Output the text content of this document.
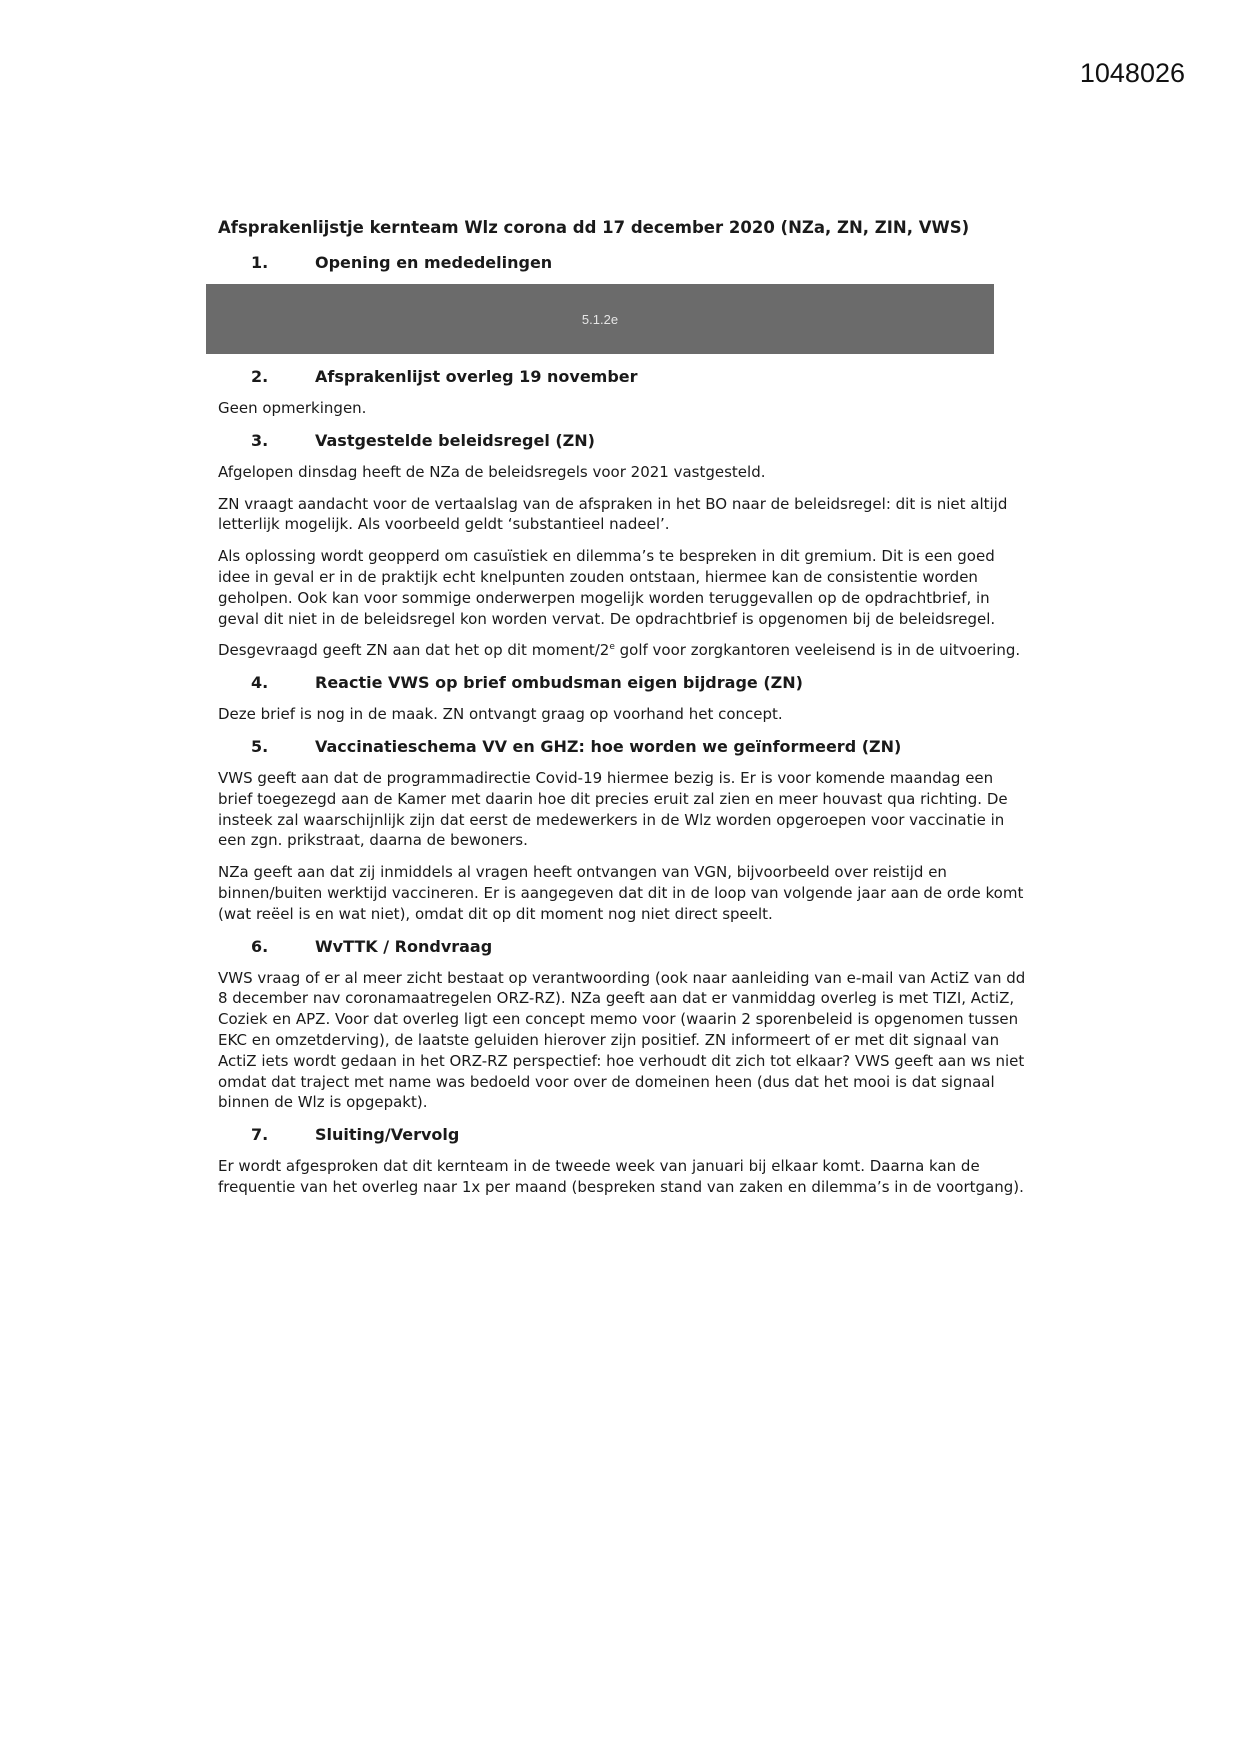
1048026
Afsprakenlijstje kernteam Wlz corona dd 17 december 2020 (NZa, ZN, ZIN, VWS)
1.	Opening en mededelingen
5.1.2e
2.	Afsprakenlijst overleg 19 november

Geen opmerkingen.

3.	Vastgestelde beleidsregel (ZN)

Afgelopen dinsdag heeft de NZa de beleidsregels voor 2021 vastgesteld.

ZN vraagt aandacht voor de vertaalslag van de afspraken in het BO naar de beleidsregel: dit is niet altijd letterlijk mogelijk. Als voorbeeld geldt ‘substantieel nadeel’.

Als oplossing wordt geopperd om casuïstiek en dilemma’s te bespreken in dit gremium. Dit is een goed idee in geval er in de praktijk echt knelpunten zouden ontstaan, hiermee kan de consistentie worden geholpen. Ook kan voor sommige onderwerpen mogelijk worden teruggevallen op de opdrachtbrief, in geval dit niet in de beleidsregel kon worden vervat. De opdrachtbrief is opgenomen bij de beleidsregel.

Desgevraagd geeft ZN aan dat het op dit moment/2e golf voor zorgkantoren veeleisend is in de uitvoering.

4.	Reactie VWS op brief ombudsman eigen bijdrage (ZN)

Deze brief is nog in de maak. ZN ontvangt graag op voorhand het concept.

5.	Vaccinatieschema VV en GHZ: hoe worden we geïnformeerd (ZN)

VWS geeft aan dat de programmadirectie Covid-19 hiermee bezig is. Er is voor komende maandag een brief toegezegd aan de Kamer met daarin hoe dit precies eruit zal zien en meer houvast qua richting. De insteek zal waarschijnlijk zijn dat eerst de medewerkers in de Wlz worden opgeroepen voor vaccinatie in een zgn. prikstraat, daarna de bewoners.

NZa geeft aan dat zij inmiddels al vragen heeft ontvangen van VGN, bijvoorbeeld over reistijd en binnen/buiten werktijd vaccineren. Er is aangegeven dat dit in de loop van volgende jaar aan de orde komt (wat reëel is en wat niet), omdat dit op dit moment nog niet direct speelt.

6.	WvTTK / Rondvraag

VWS vraag of er al meer zicht bestaat op verantwoording (ook naar aanleiding van e-mail van ActiZ van dd 8 december nav coronamaatregelen ORZ-RZ). NZa geeft aan dat er vanmiddag overleg is met TIZI, ActiZ, Coziek en APZ. Voor dat overleg ligt een concept memo voor (waarin 2 sporenbeleid is opgenomen tussen EKC en omzetderving), de laatste geluiden hierover zijn positief. ZN informeert of er met dit signaal van ActiZ iets wordt gedaan in het ORZ-RZ perspectief: hoe verhoudt dit zich tot elkaar? VWS geeft aan ws niet omdat dat traject met name was bedoeld voor over de domeinen heen (dus dat het mooi is dat signaal binnen de Wlz is opgepakt).

7.	Sluiting/Vervolg

Er wordt afgesproken dat dit kernteam in de tweede week van januari bij elkaar komt. Daarna kan de frequentie van het overleg naar 1x per maand (bespreken stand van zaken en dilemma’s in de voortgang).
